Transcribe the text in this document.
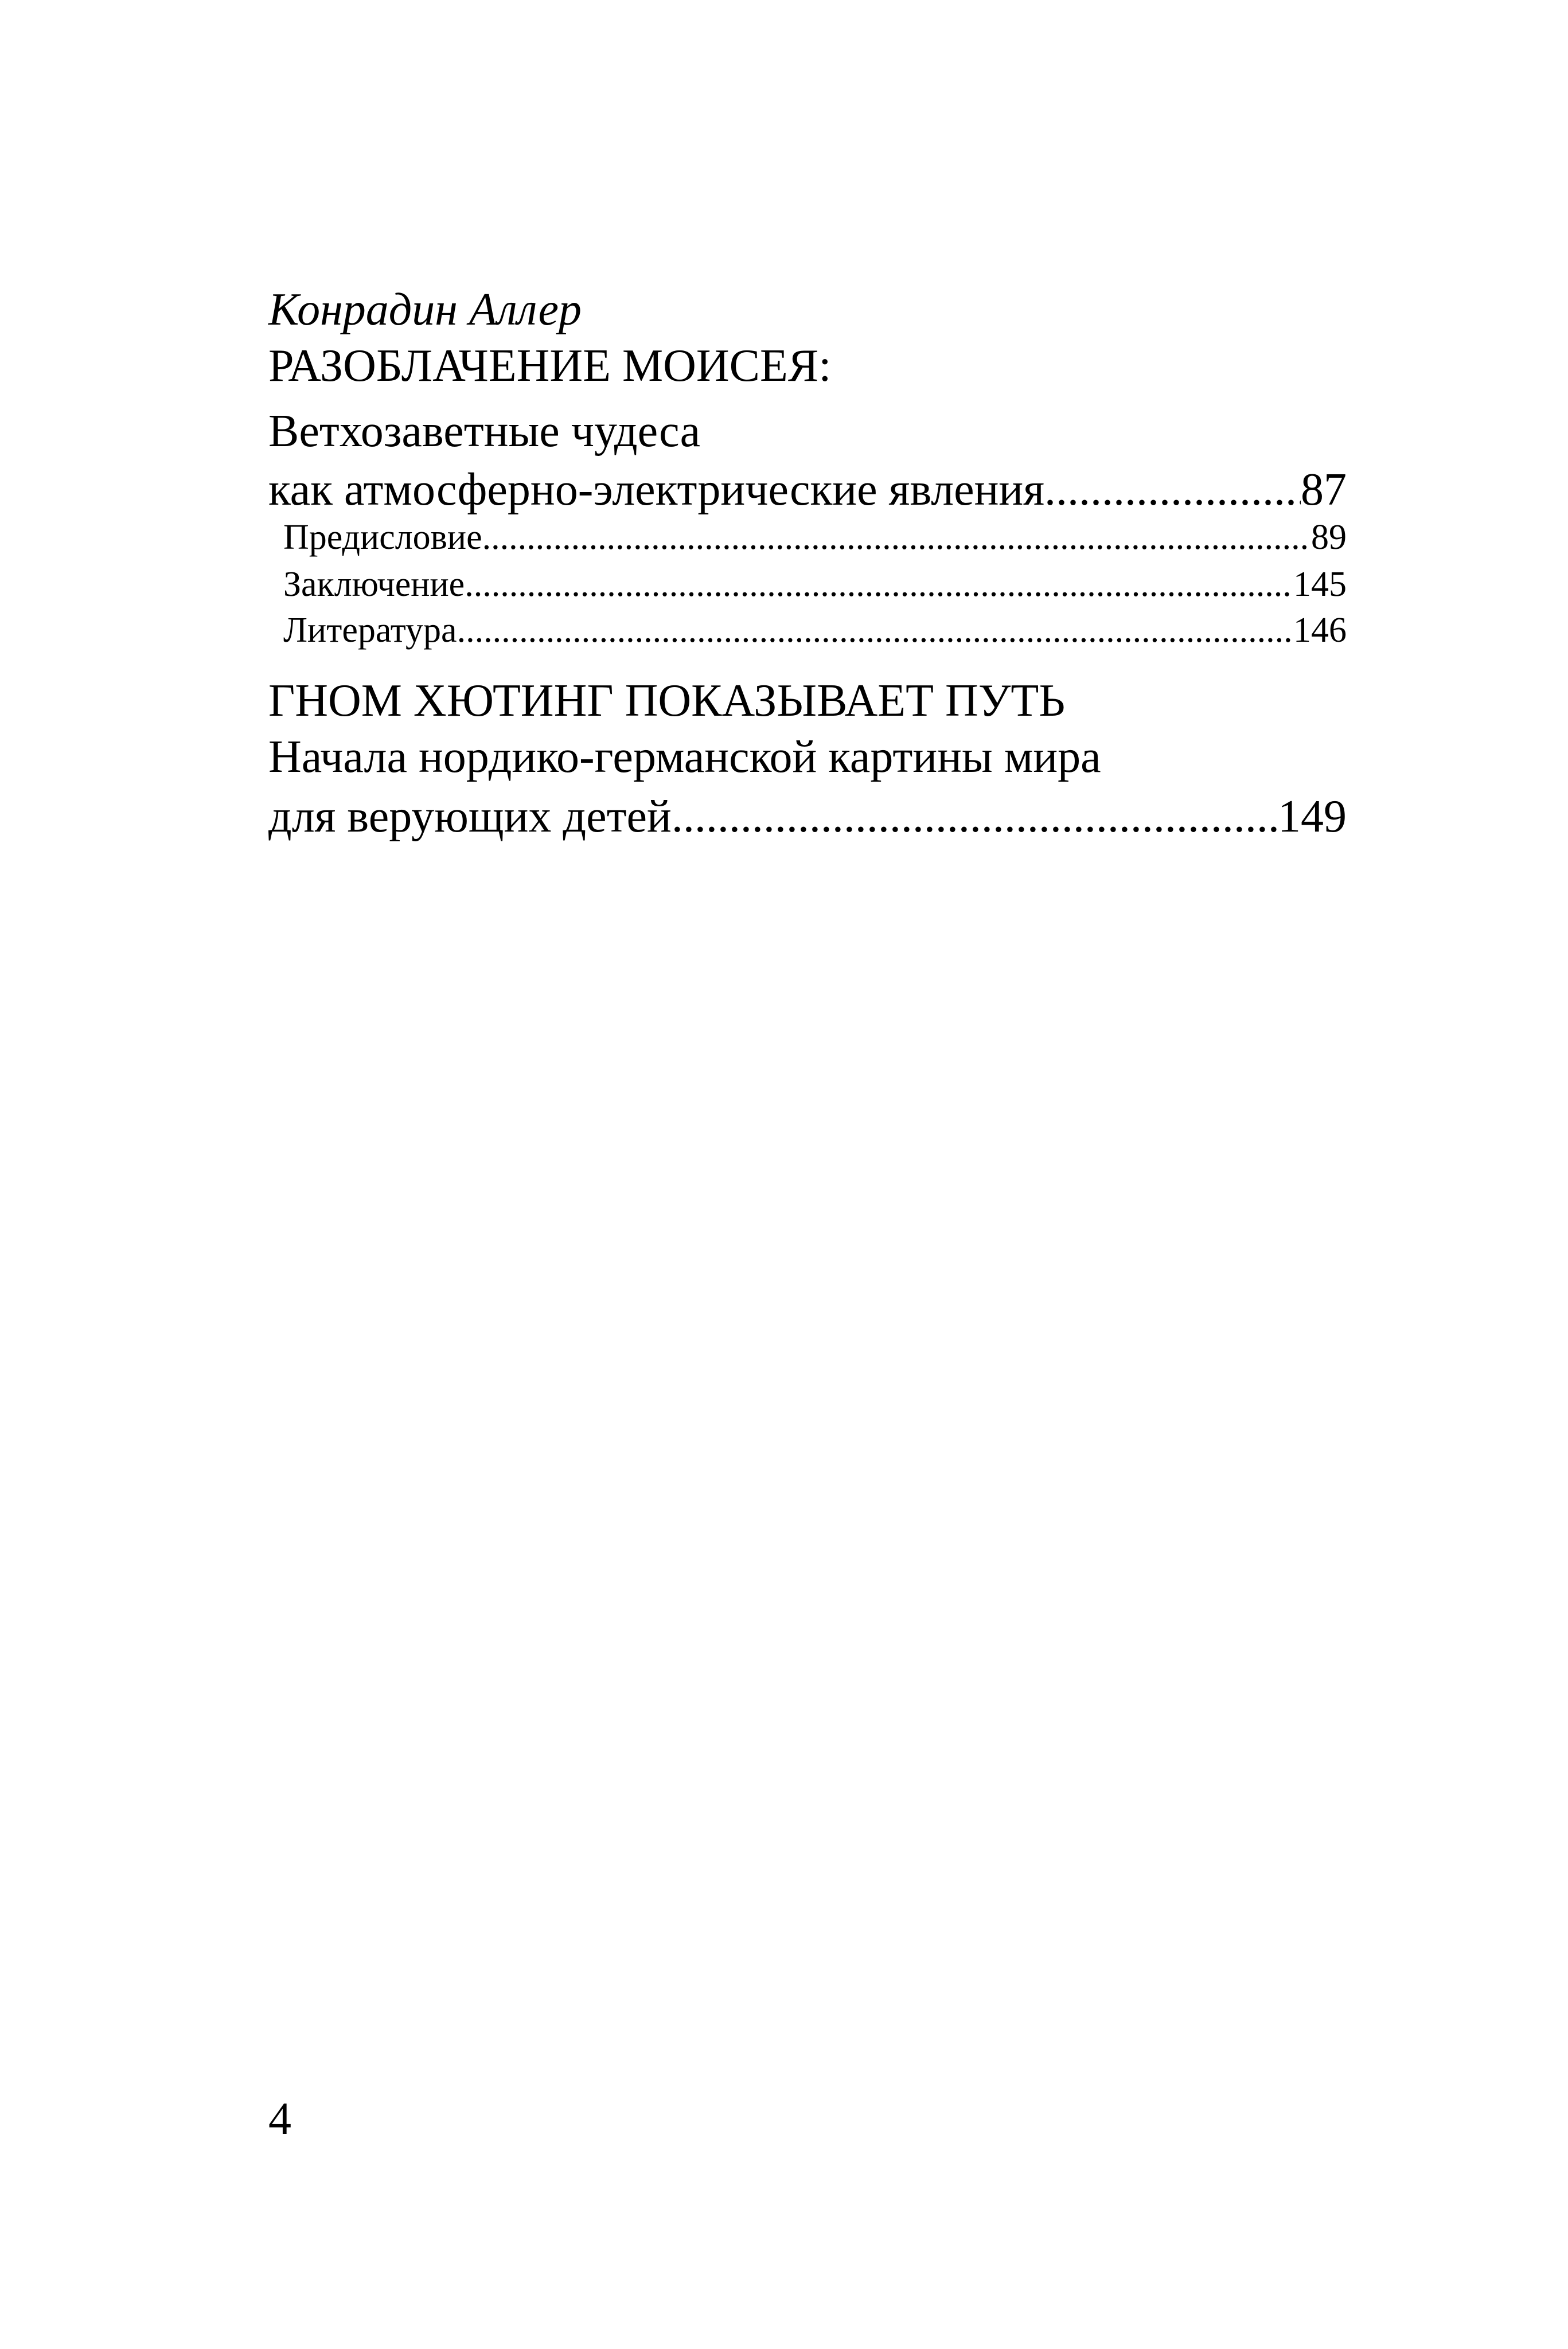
Конрадин Аллер
РАЗОБЛАЧЕНИЕ МОИСЕЯ:
Ветхозаветные чудеса
как атмосферно-электрические явления .....	87
Предисловие .....	89
Заключение .....	145
Литература .....	146
ГНОМ ХЮТИНГ ПОКАЗЫВАЕТ ПУТЬ
Начала нордико-германской картины мира
для верующих детей .....	149
4
